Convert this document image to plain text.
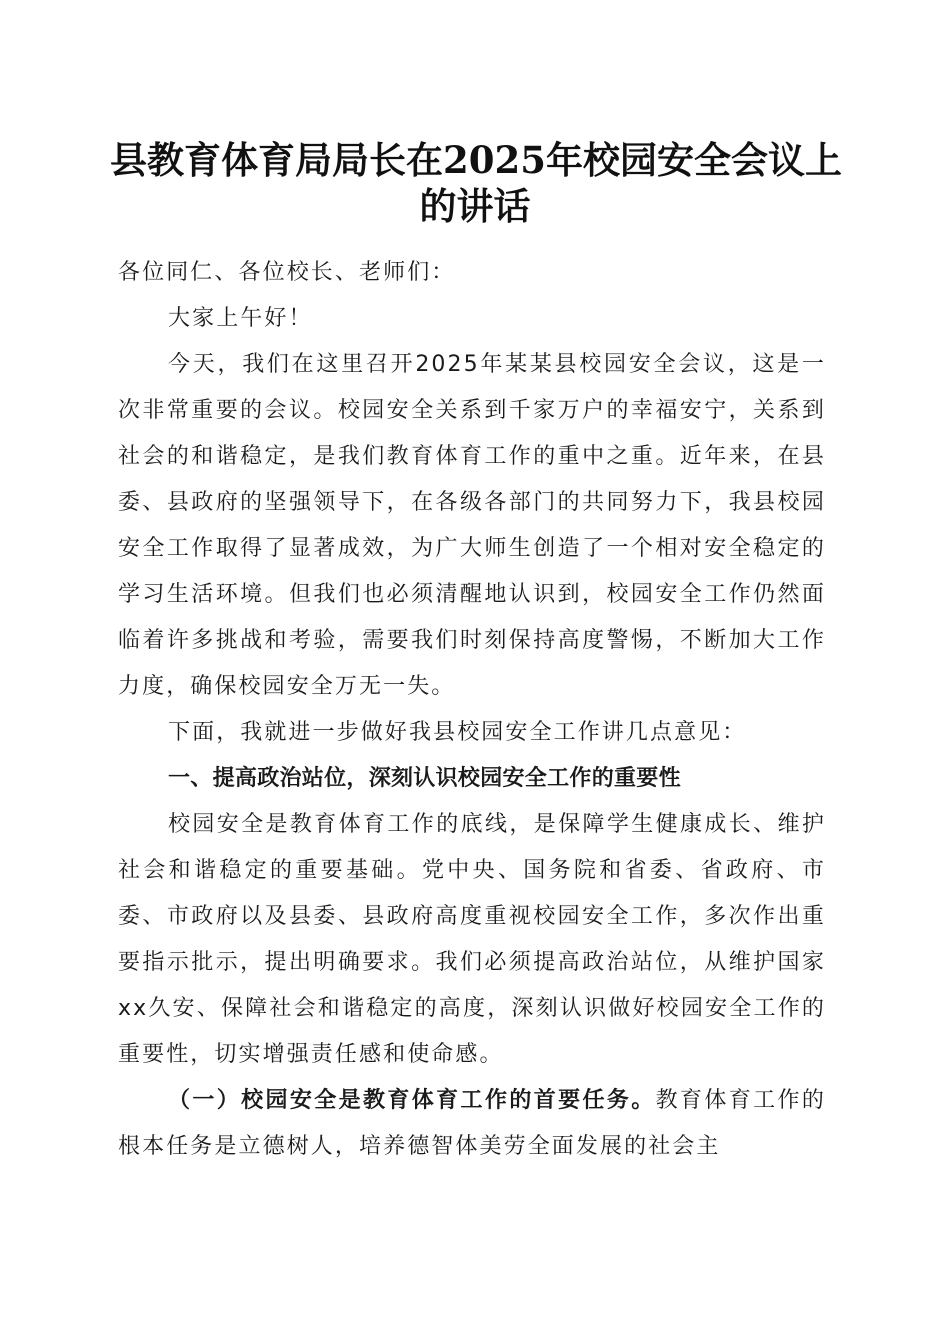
县教育体育局局长在2025年校园安全会议上
的讲话

各位同仁、各位校长、老师们：

大家上午好！

今天，我们在这里召开2025年某某县校园安全会议，这是一次非常重要的会议。校园安全关系到千家万户的幸福安宁，关系到社会的和谐稳定，是我们教育体育工作的重中之重。近年来，在县委、县政府的坚强领导下，在各级各部门的共同努力下，我县校园安全工作取得了显著成效，为广大师生创造了一个相对安全稳定的学习生活环境。但我们也必须清醒地认识到，校园安全工作仍然面临着许多挑战和考验，需要我们时刻保持高度警惕，不断加大工作力度，确保校园安全万无一失。

下面，我就进一步做好我县校园安全工作讲几点意见：

一、提高政治站位，深刻认识校园安全工作的重要性

校园安全是教育体育工作的底线，是保障学生健康成长、维护社会和谐稳定的重要基础。党中央、国务院和省委、省政府、市委、市政府以及县委、县政府高度重视校园安全工作，多次作出重要指示批示，提出明确要求。我们必须提高政治站位，从维护国家xx久安、保障社会和谐稳定的高度，深刻认识做好校园安全工作的重要性，切实增强责任感和使命感。

（一）校园安全是教育体育工作的首要任务。教育体育工作的根本任务是立德树人，培养德智体美劳全面发展的社会主
